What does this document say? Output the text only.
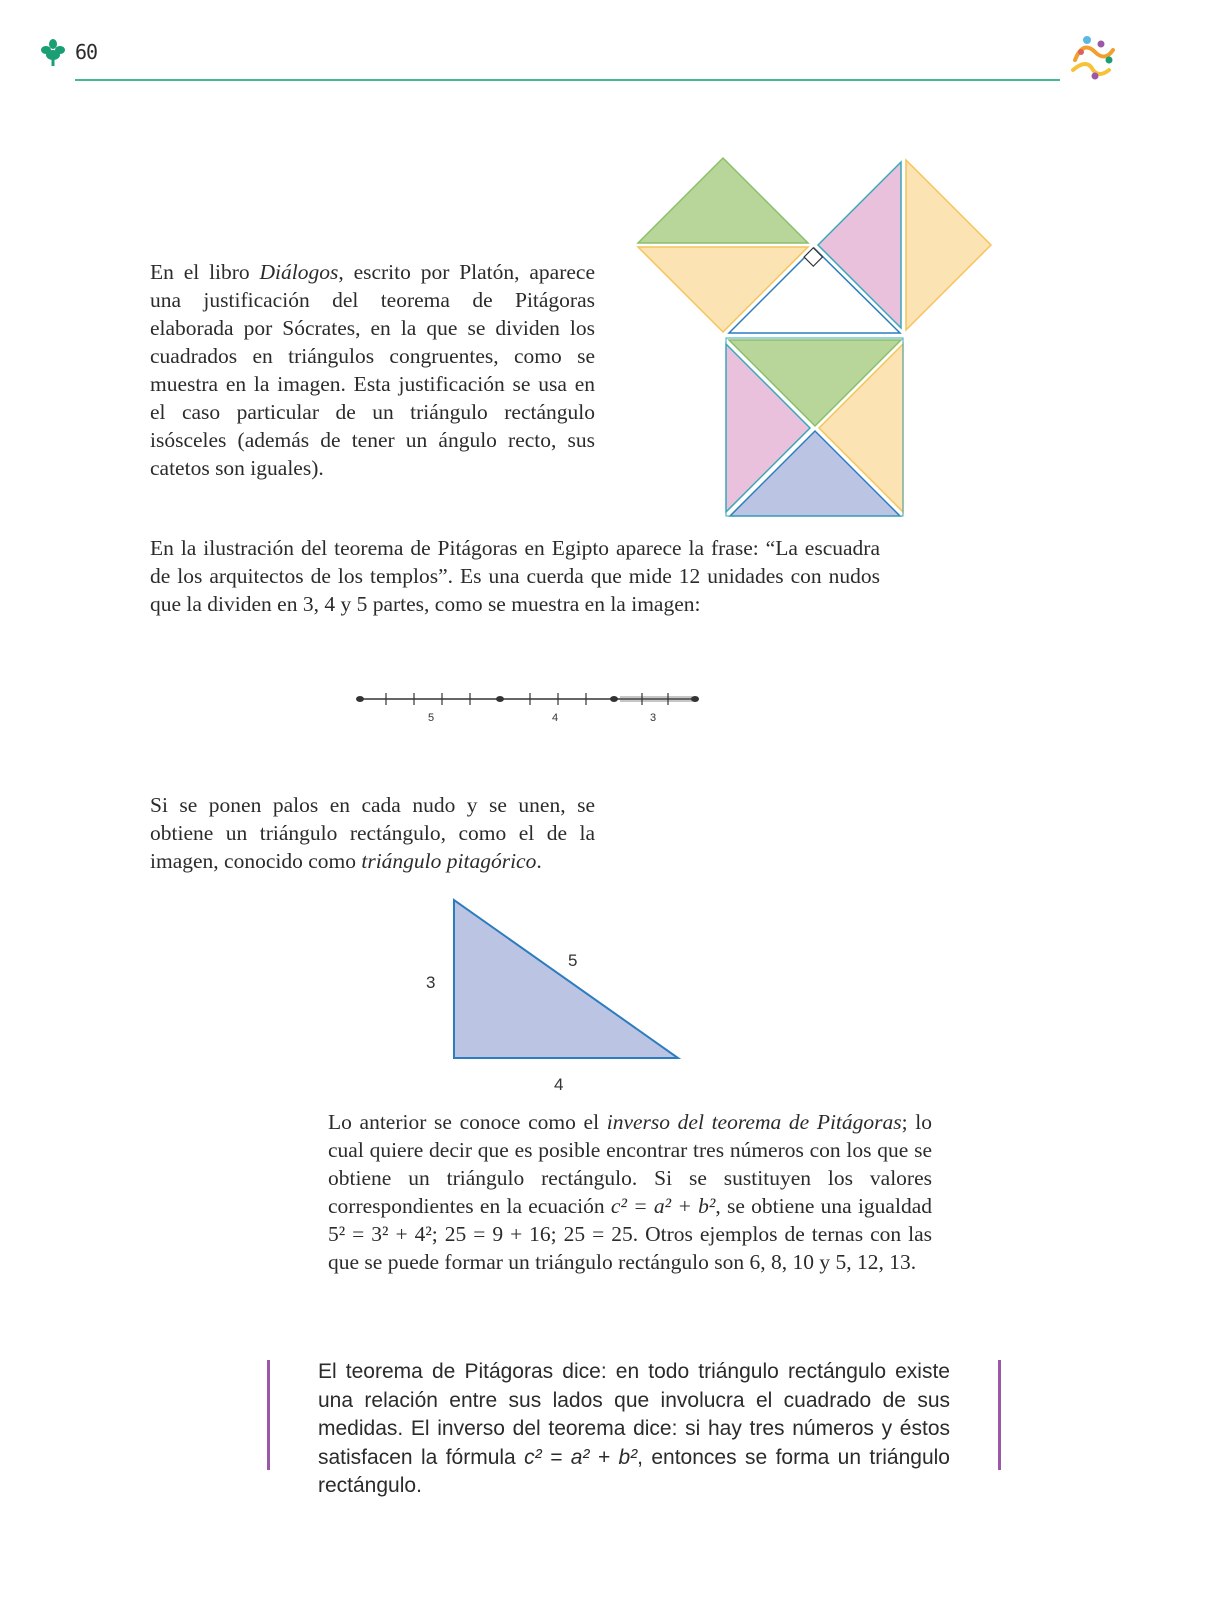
60

En el libro Diálogos, escrito por Platón, aparece una justificación del teorema de Pitágoras elaborada por Sócrates, en la que se dividen los cuadrados en triángulos congruentes, como se muestra en la imagen. Esta justificación se usa en el caso particular de un triángulo rectángulo isósceles (además de tener un ángulo recto, sus catetos son iguales).

En la ilustración del teorema de Pitágoras en Egipto aparece la frase: “La escuadra de los arquitectos de los templos”. Es una cuerda que mide 12 unidades con nudos que la dividen en 3, 4 y 5 partes, como se muestra en la imagen:

5	4	3

Si se ponen palos en cada nudo y se unen, se obtiene un triángulo rectángulo, como el de la imagen, conocido como triángulo pitagórico.

3
5
4

Lo anterior se conoce como el inverso del teorema de Pitágoras; lo cual quiere decir que es posible encontrar tres números con los que se obtiene un triángulo rectángulo. Si se sustituyen los valores correspondientes en la ecuación c² = a² + b², se obtiene una igualdad 5² = 3² + 4²; 25 = 9 + 16; 25 = 25. Otros ejemplos de ternas con las que se puede formar un triángulo rectángulo son 6, 8, 10 y 5, 12, 13.

El teorema de Pitágoras dice: en todo triángulo rectángulo existe una relación entre sus lados que involucra el cuadrado de sus medidas. El inverso del teorema dice: si hay tres números y éstos satisfacen la fórmula c² = a² + b², entonces se forma un triángulo rectángulo.
